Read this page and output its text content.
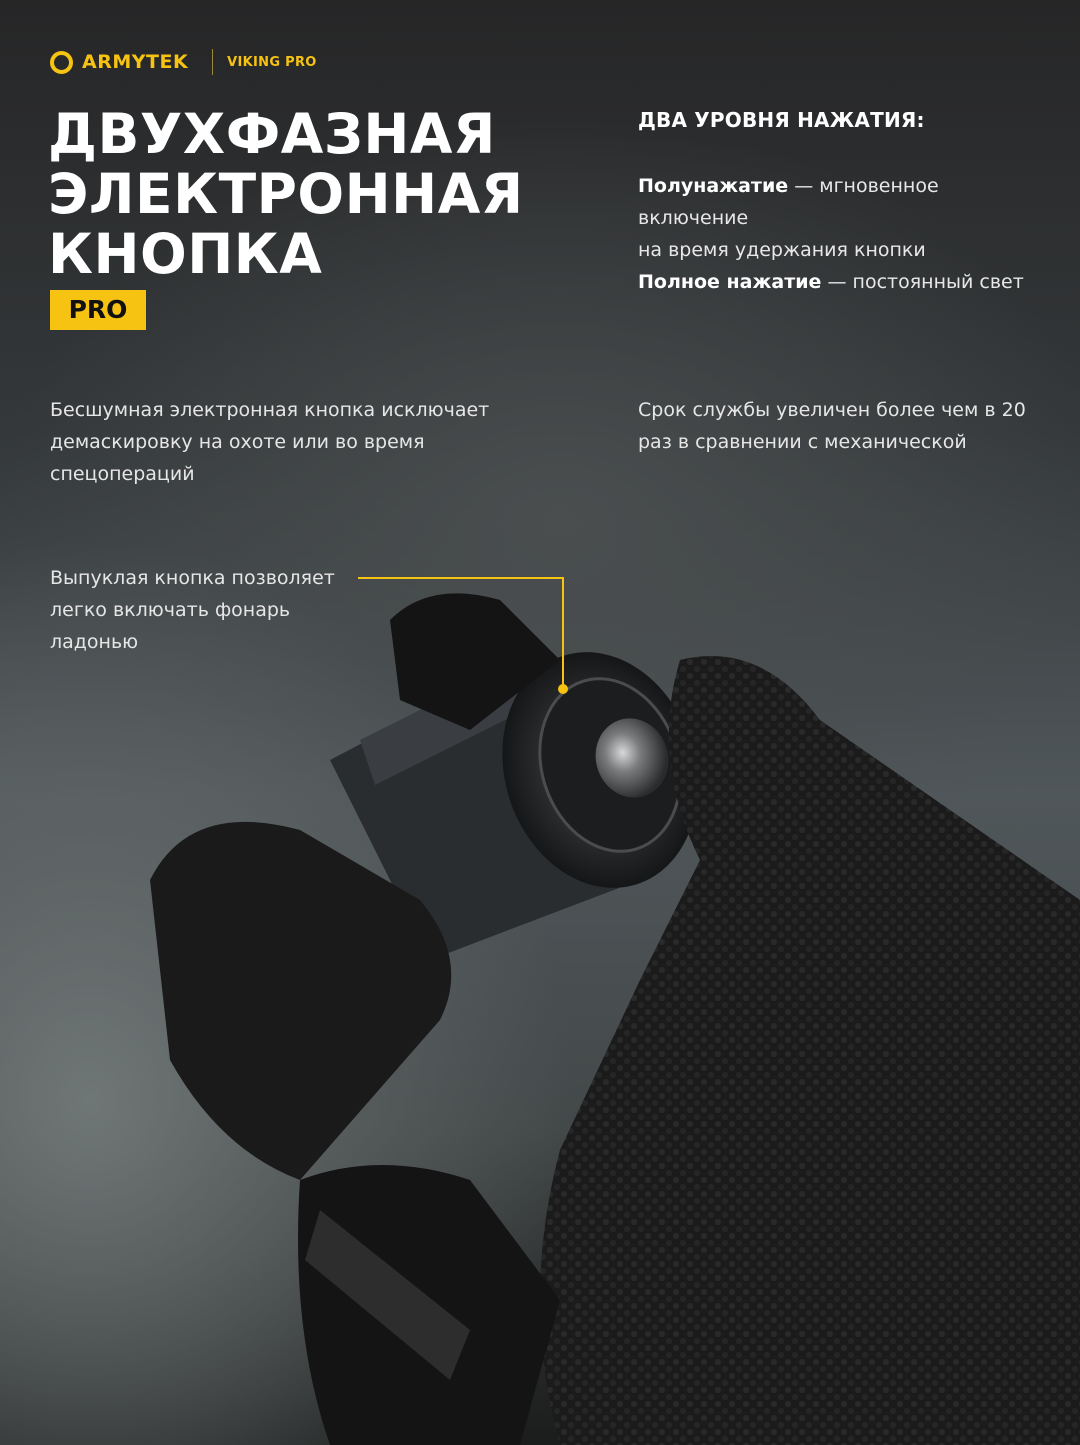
ARMYTEK	VIKING PRO
ДВУХФАЗНАЯ
ЭЛЕКТРОННАЯ
КНОПКА
PRO
ДВА УРОВНЯ НАЖАТИЯ:
Полунажатие — мгновенное
включение
на время удержания кнопки
Полное нажатие — постоянный свет

Бесшумная электронная кнопка исключает
демаскировку на охоте или во время
спецопераций

Срок службы увеличен более чем в 20
раз в сравнении с механической

Выпуклая кнопка позволяет
легко включать фонарь
ладонью
